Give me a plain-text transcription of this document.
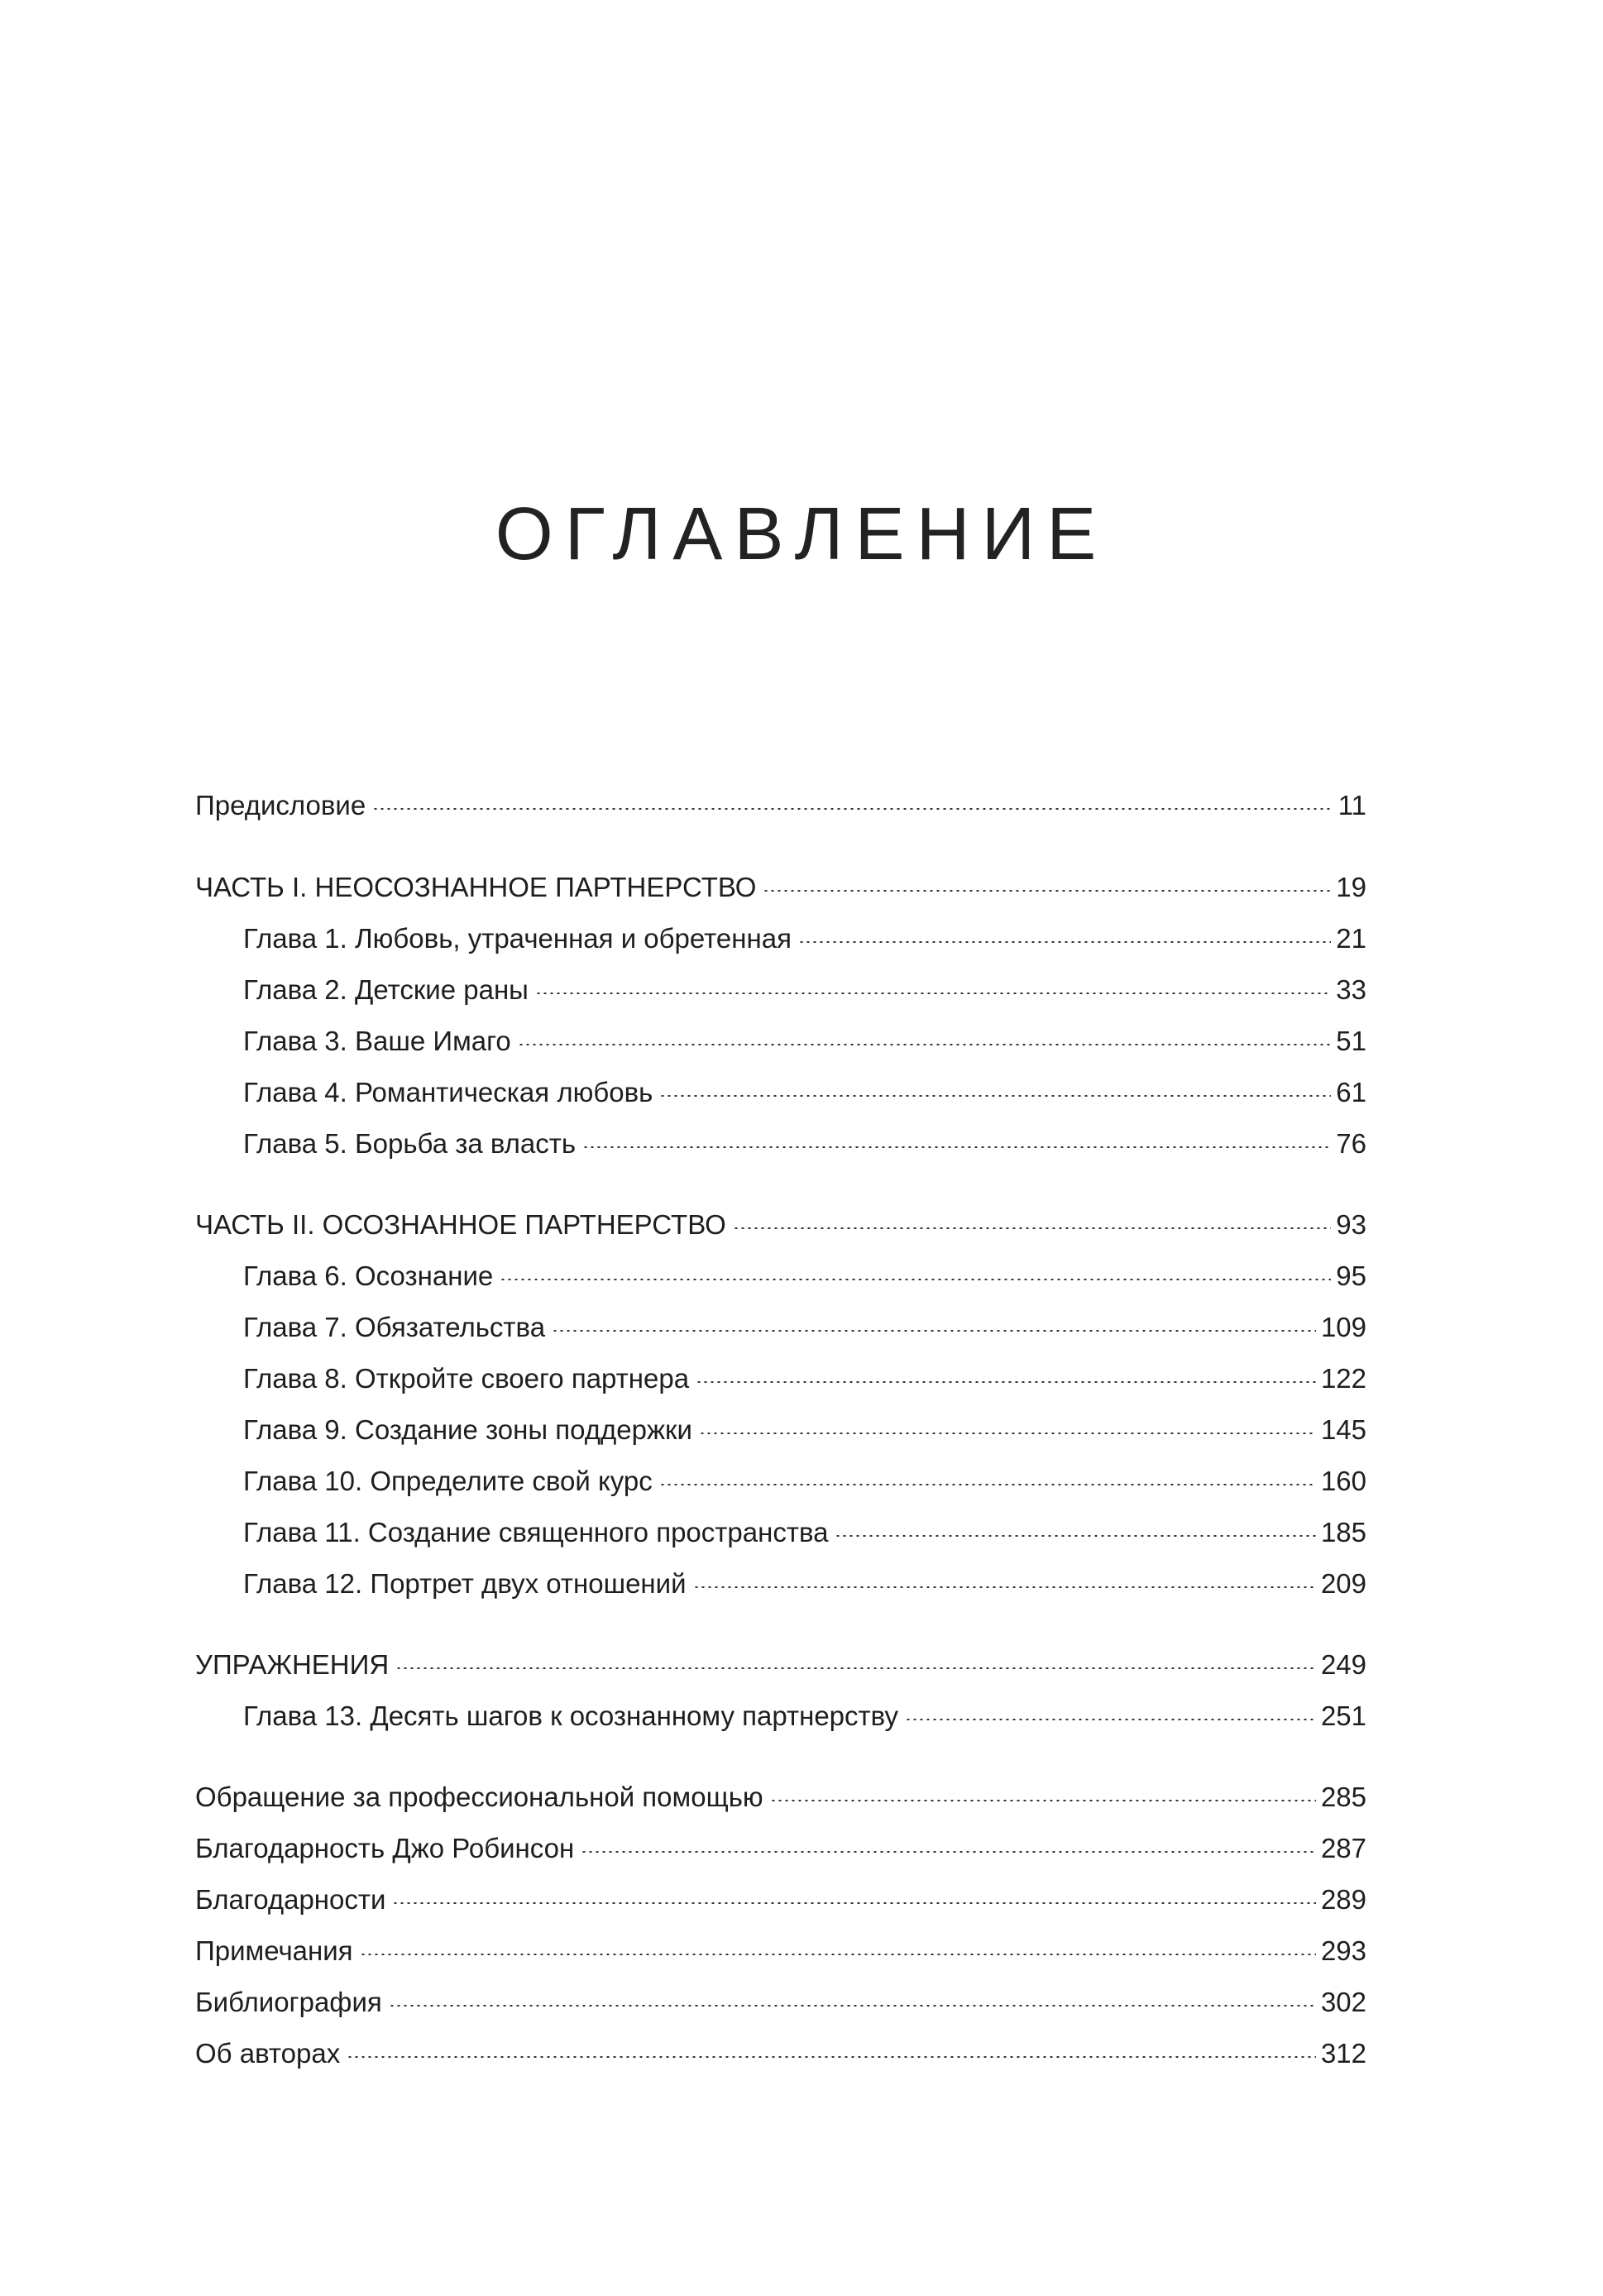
ОГЛАВЛЕНИЕ
Предисловие	11
ЧАСТЬ I. НЕОСОЗНАННОЕ ПАРТНЕРСТВО	19
Глава 1. Любовь, утраченная и обретенная	21
Глава 2. Детские раны	33
Глава 3. Ваше Имаго	51
Глава 4. Романтическая любовь	61
Глава 5. Борьба за власть	76
ЧАСТЬ II. ОСОЗНАННОЕ ПАРТНЕРСТВО	93
Глава 6. Осознание	95
Глава 7. Обязательства	109
Глава 8. Откройте своего партнера	122
Глава 9. Создание зоны поддержки	145
Глава 10. Определите свой курс	160
Глава 11. Создание священного пространства	185
Глава 12. Портрет двух отношений	209
УПРАЖНЕНИЯ	249
Глава 13. Десять шагов к осознанному партнерству	251
Обращение за профессиональной помощью	285
Благодарность Джо Робинсон	287
Благодарности	289
Примечания	293
Библиография	302
Об авторах	312
